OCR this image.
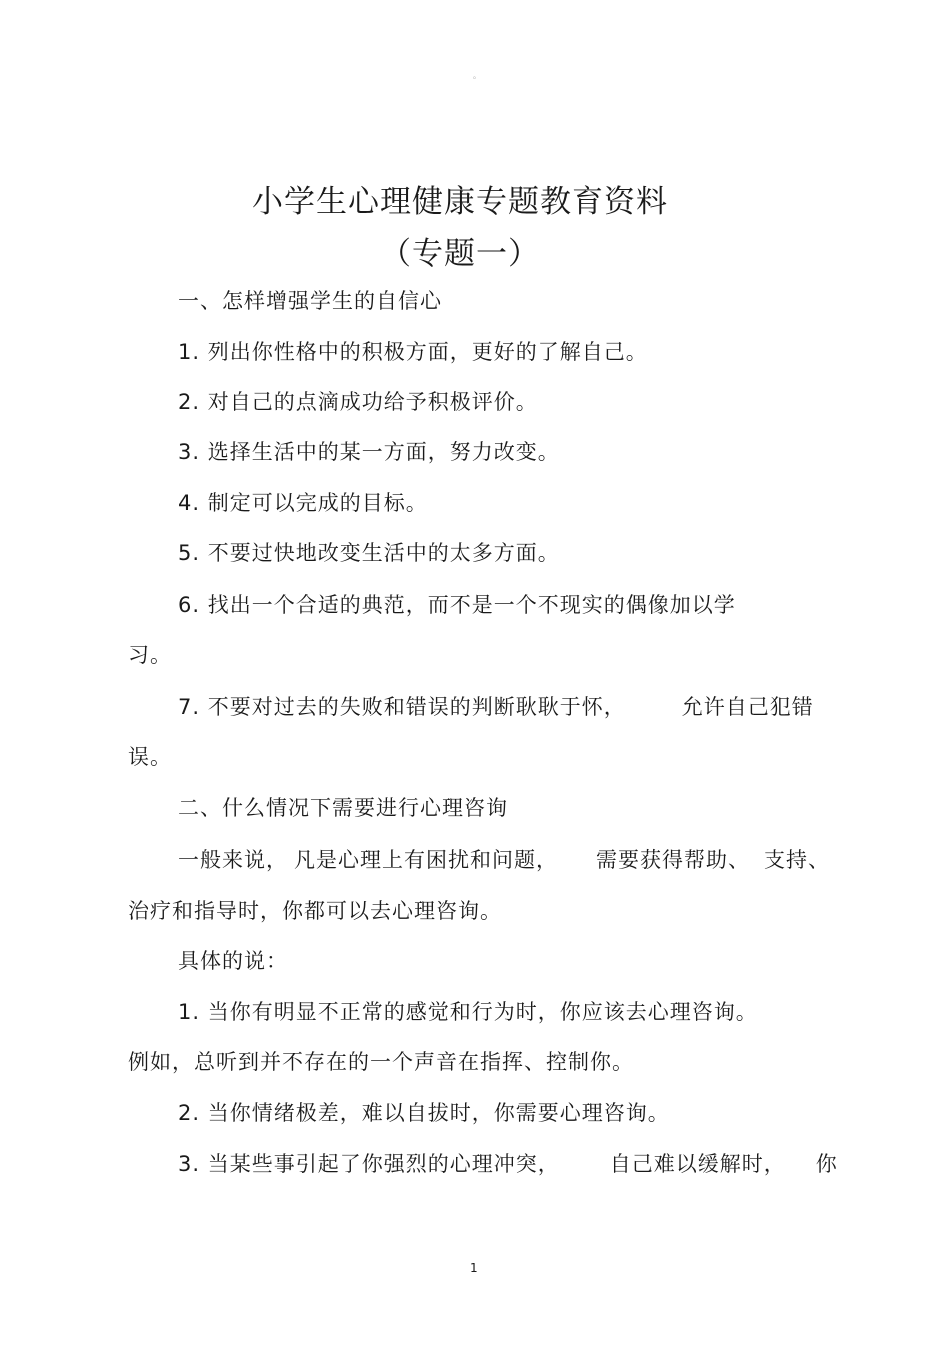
。
小学生心理健康专题教育资料
（专题一）
一、怎样增强学生的自信心
1. 列出你性格中的积极方面，更好的了解自己。
2. 对自己的点滴成功给予积极评价。
3. 选择生活中的某一方面，努力改变。
4. 制定可以完成的目标。
5. 不要过快地改变生活中的太多方面。
6. 找出一个合适的典范，而不是一个不现实的偶像加以学
习。
7. 不要对过去的失败和错误的判断耿耿于怀，	允许自己犯错
误。
二、什么情况下需要进行心理咨询
一般来说， 凡是心理上有困扰和问题， 需要获得帮助、 支持、
治疗和指导时，你都可以去心理咨询。
具体的说：
1. 当你有明显不正常的感觉和行为时，你应该去心理咨询。
例如，总听到并不存在的一个声音在指挥、控制你。
2. 当你情绪极差，难以自拔时，你需要心理咨询。
3. 当某些事引起了你强烈的心理冲突， 自己难以缓解时， 你
1
